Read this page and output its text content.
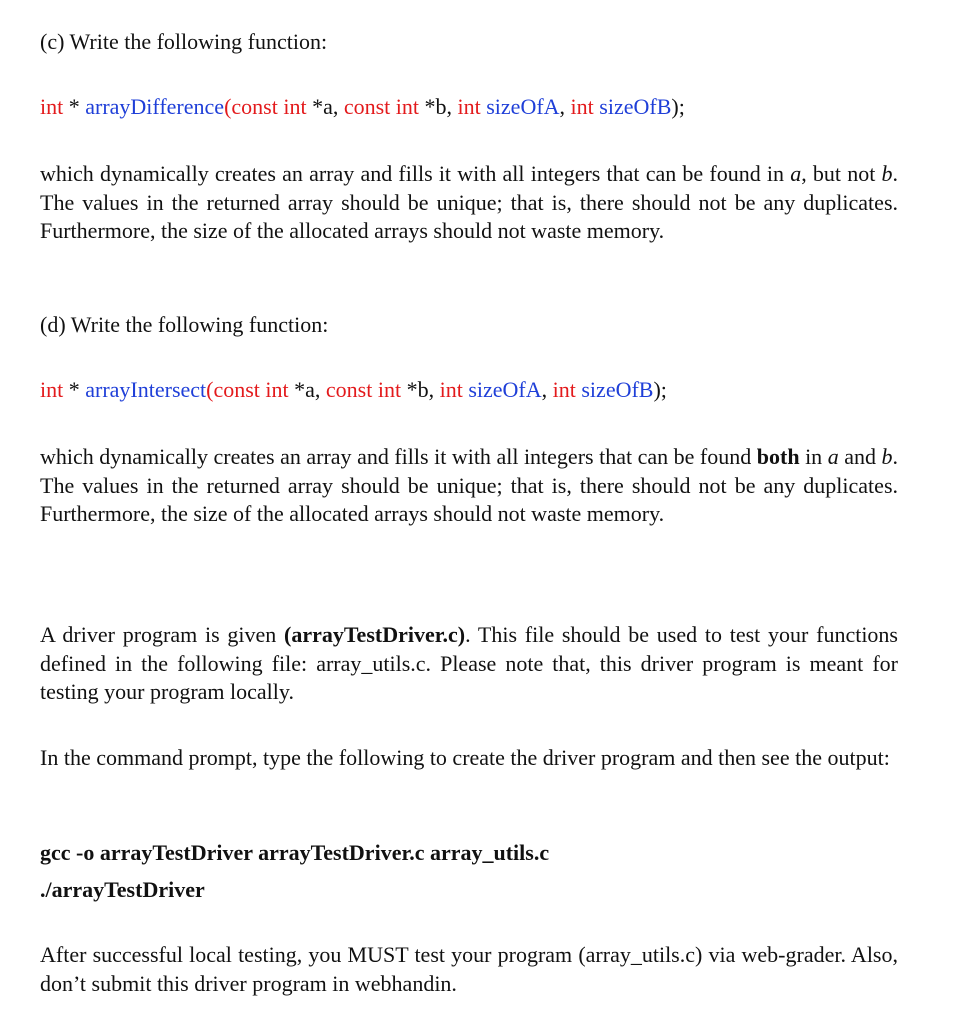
(c) Write the following function:

int * arrayDifference(const int *a, const int *b, int sizeOfA, int sizeOfB);

which dynamically creates an array and fills it with all integers that can be found in a, but not b. The values in the returned array should be unique; that is, there should not be any duplicates. Furthermore, the size of the allocated arrays should not waste memory.

(d) Write the following function:

int * arrayIntersect(const int *a, const int *b, int sizeOfA, int sizeOfB);

which dynamically creates an array and fills it with all integers that can be found both in a and b. The values in the returned array should be unique; that is, there should not be any duplicates. Furthermore, the size of the allocated arrays should not waste memory.

A driver program is given (arrayTestDriver.c). This file should be used to test your functions defined in the following file: array_utils.c. Please note that, this driver program is meant for testing your program locally.

In the command prompt, type the following to create the driver program and then see the output:

gcc -o arrayTestDriver arrayTestDriver.c array_utils.c

./arrayTestDriver

After successful local testing, you MUST test your program (array_utils.c) via web-grader. Also, don’t submit this driver program in webhandin.
